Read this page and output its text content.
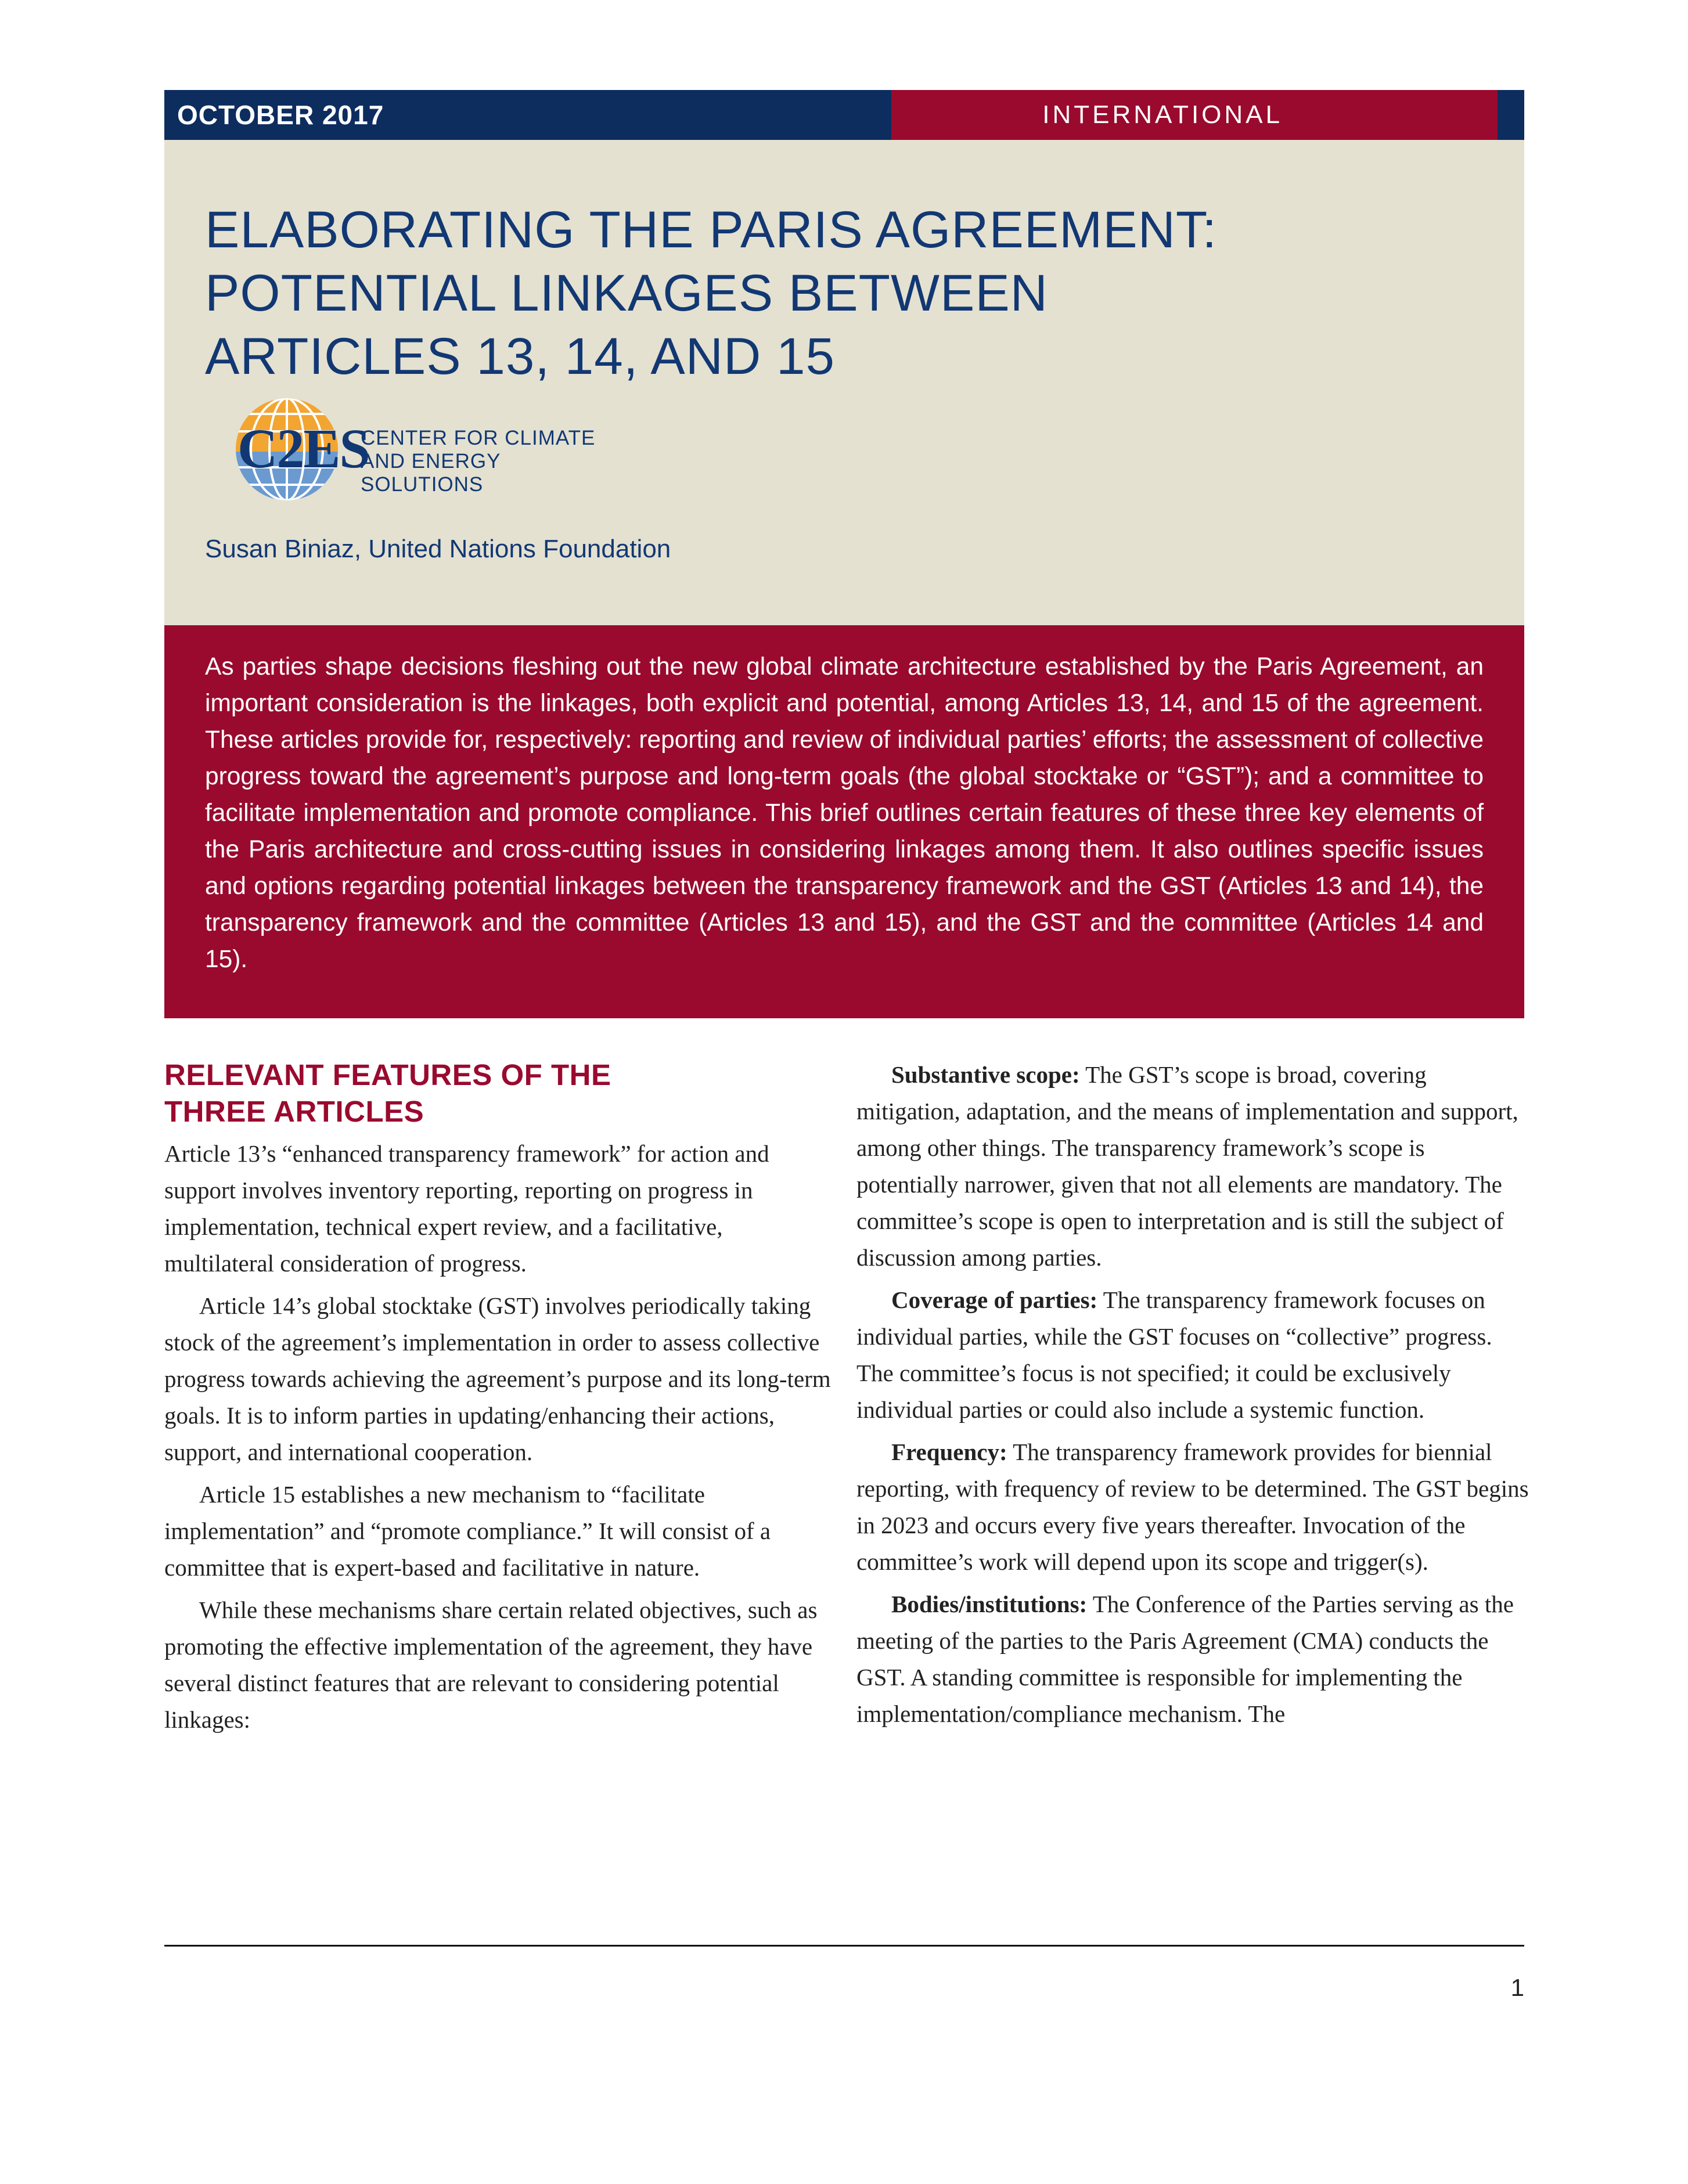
OCTOBER 2017	INTERNATIONAL
ELABORATING THE PARIS AGREEMENT:
POTENTIAL LINKAGES BETWEEN
ARTICLES 13, 14, AND 15
C2ES
CENTER FOR CLIMATE
AND ENERGY SOLUTIONS
Susan Biniaz, United Nations Foundation

As parties shape decisions fleshing out the new global climate architecture established by the Paris Agreement, an important consideration is the linkages, both explicit and potential, among Articles 13, 14, and 15 of the agreement. These articles provide for, respectively: reporting and review of individual parties’ efforts; the assessment of collective progress toward the agreement’s purpose and long-term goals (the global stocktake or “GST”); and a committee to facilitate implementation and promote compliance. This brief outlines certain features of these three key elements of the Paris architecture and cross-cutting issues in considering linkages among them. It also outlines specific issues and options regarding potential linkages between the transparency framework and the GST (Articles 13 and 14), the transparency framework and the committee (Articles 13 and 15), and the GST and the committee (Articles 14 and 15).

RELEVANT FEATURES OF THE
THREE ARTICLES

Article 13’s “enhanced transparency framework” for action and support involves inventory reporting, reporting on progress in implementation, technical expert review, and a facilitative, multilateral consideration of progress.

Article 14’s global stocktake (GST) involves periodically taking stock of the agreement’s implementation in order to assess collective progress towards achieving the agreement’s purpose and its long-term goals. It is to inform parties in updating/enhancing their actions, support, and international cooperation.

Article 15 establishes a new mechanism to “facilitate implementation” and “promote compliance.” It will consist of a committee that is expert-based and facilitative in nature.

While these mechanisms share certain related objectives, such as promoting the effective implementation of the agreement, they have several distinct features that are relevant to considering potential linkages:

Substantive scope: The GST’s scope is broad, covering mitigation, adaptation, and the means of implementation and support, among other things. The transparency framework’s scope is potentially narrower, given that not all elements are mandatory. The committee’s scope is open to interpretation and is still the subject of discussion among parties.

Coverage of parties: The transparency framework focuses on individual parties, while the GST focuses on “collective” progress. The committee’s focus is not specified; it could be exclusively individual parties or could also include a systemic function.

Frequency: The transparency framework provides for biennial reporting, with frequency of review to be determined. The GST begins in 2023 and occurs every five years thereafter. Invocation of the committee’s work will depend upon its scope and trigger(s).

Bodies/institutions: The Conference of the Parties serving as the meeting of the parties to the Paris Agreement (CMA) conducts the GST. A standing committee is responsible for implementing the implementation/compliance mechanism. The

1
